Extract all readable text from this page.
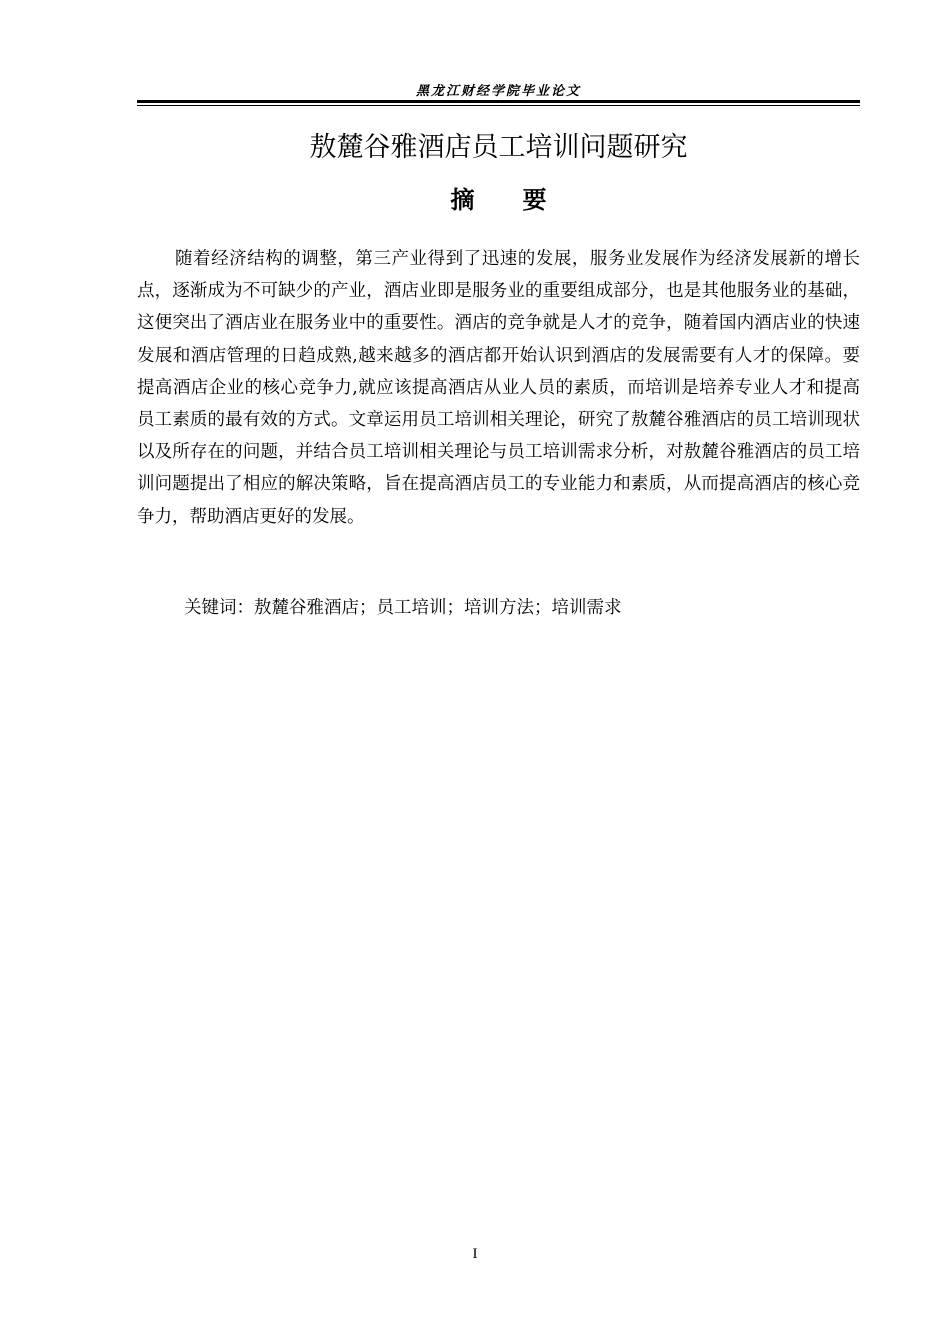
黑龙江财经学院毕业论文
敖麓谷雅酒店员工培训问题研究
摘要

随着经济结构的调整，第三产业得到了迅速的发展，服务业发展作为经济发展新的增长点，逐渐成为不可缺少的产业，酒店业即是服务业的重要组成部分，也是其他服务业的基础，这便突出了酒店业在服务业中的重要性。酒店的竞争就是人才的竞争，随着国内酒店业的快速发展和酒店管理的日趋成熟,越来越多的酒店都开始认识到酒店的发展需要有人才的保障。要提高酒店企业的核心竞争力,就应该提高酒店从业人员的素质，而培训是培养专业人才和提高员工素质的最有效的方式。文章运用员工培训相关理论，研究了敖麓谷雅酒店的员工培训现状以及所存在的问题，并结合员工培训相关理论与员工培训需求分析，对敖麓谷雅酒店的员工培训问题提出了相应的解决策略，旨在提高酒店员工的专业能力和素质，从而提高酒店的核心竞争力，帮助酒店更好的发展。

关键词：敖麓谷雅酒店；员工培训；培训方法；培训需求
I
